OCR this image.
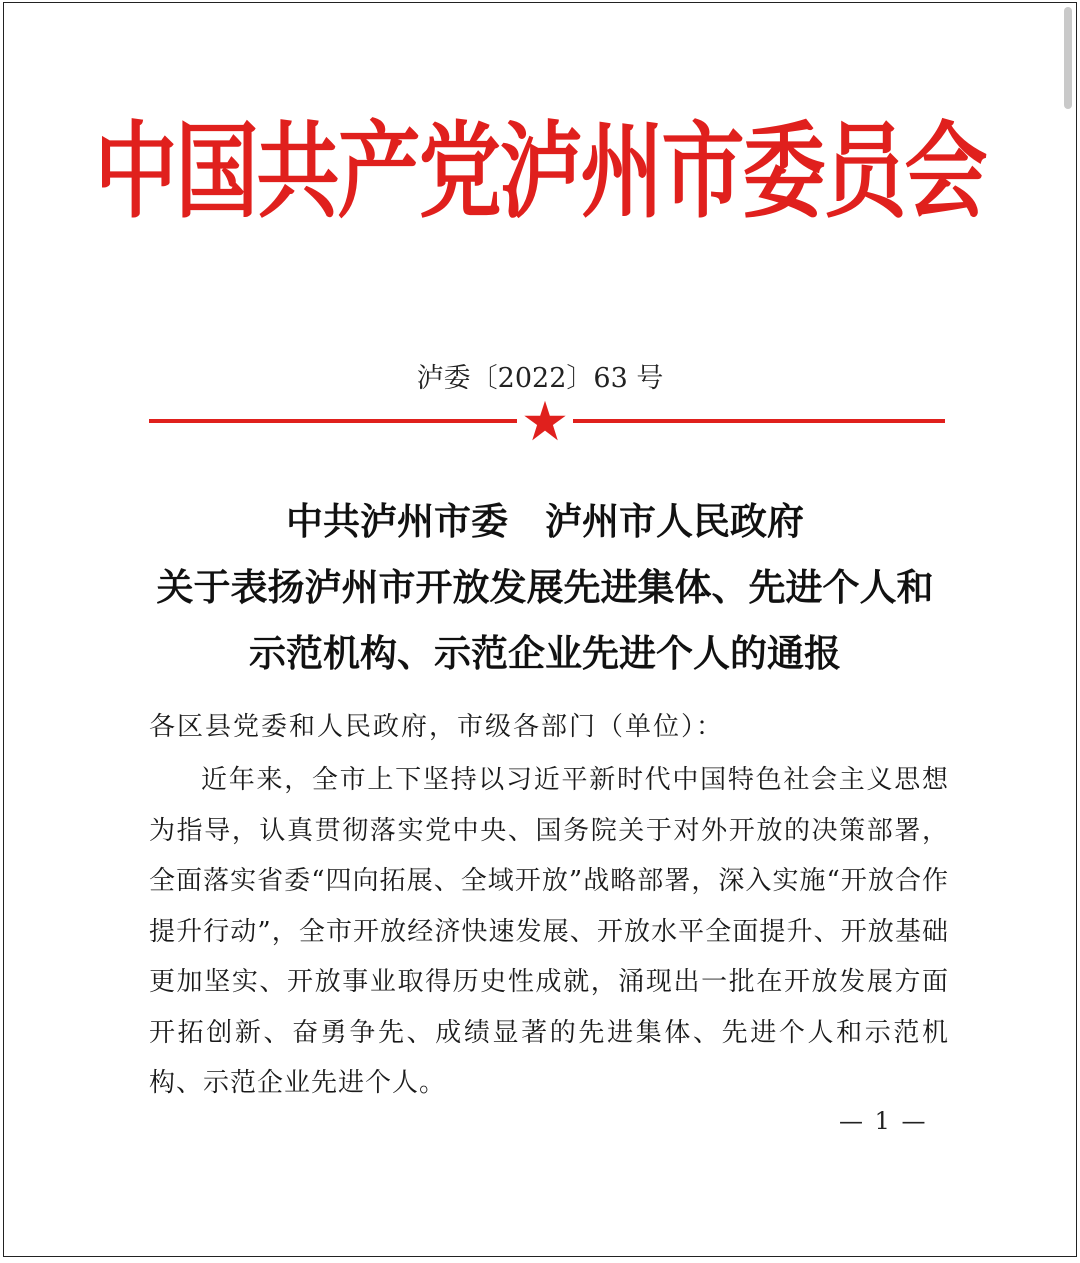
中国共产党泸州市委员会
泸委〔2022〕63 号
中共泸州市委　泸州市人民政府
关于表扬泸州市开放发展先进集体、先进个人和
示范机构、示范企业先进个人的通报
各区县党委和人民政府，市级各部门（单位）：
近年来，全市上下坚持以习近平新时代中国特色社会主义思想为指导，认真贯彻落实党中央、国务院关于对外开放的决策部署，全面落实省委“四向拓展、全域开放”战略部署，深入实施“开放合作提升行动”，全市开放经济快速发展、开放水平全面提升、开放基础更加坚实、开放事业取得历史性成就，涌现出一批在开放发展方面开拓创新、奋勇争先、成绩显著的先进集体、先进个人和示范机构、示范企业先进个人。
— 1 —
